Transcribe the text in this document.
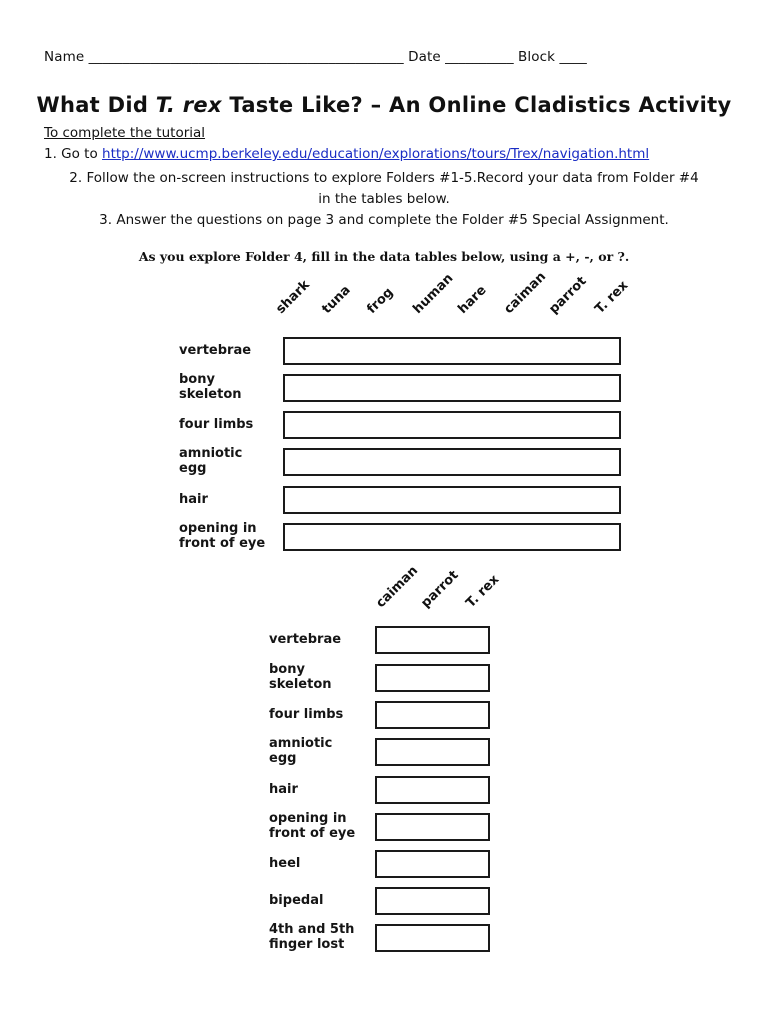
Name ______________________________________________ Date __________ Block ____
What Did T. rex Taste Like? – An Online Cladistics Activity
To complete the tutorial
1. Go to http://www.ucmp.berkeley.edu/education/explorations/tours/Trex/navigation.html
2. Follow the on-screen instructions to explore Folders #1-5.Record your data from Folder #4
in the tables below.
3. Answer the questions on page 3 and complete the Folder #5 Special Assignment.
As you explore Folder 4, fill in the data tables below, using a +, -, or ?.
shark tuna frog human hare caiman
parrot T. rex
vertebrae
bony
skeleton
four limbs
amniotic
egg
hair
opening in
front of eye
caiman
parrot T. rex
vertebrae
bony
skeleton
four limbs
amniotic
egg
hair
opening in
front of eye
heel
bipedal
4th and 5th
finger lost
